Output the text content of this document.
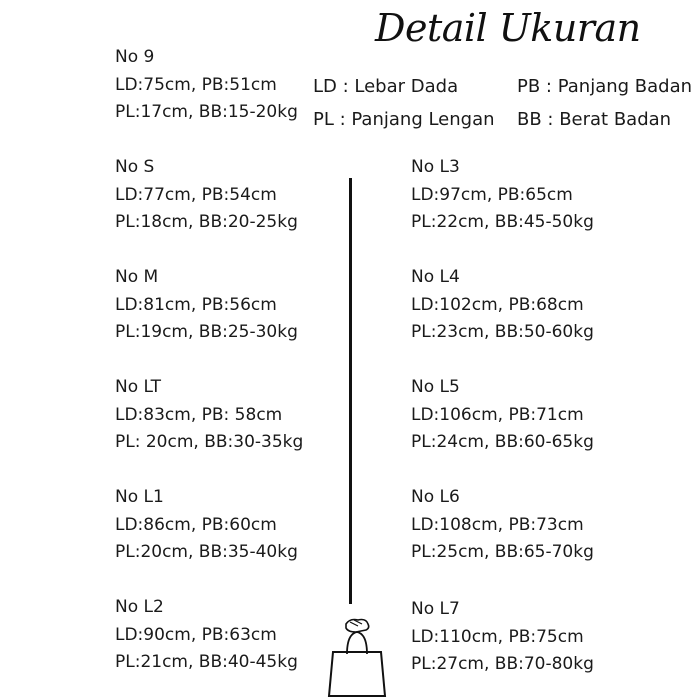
Detail Ukuran
LD : Lebar Dada	PB : Panjang Badan
PL : Panjang Lengan BB : Berat Badan
No 9
LD:75cm, PB:51cm
PL:17cm, BB:15-20kg
No S
LD:77cm, PB:54cm
PL:18cm, BB:20-25kg
No M
LD:81cm, PB:56cm
PL:19cm, BB:25-30kg
No LT
LD:83cm, PB: 58cm
PL: 20cm, BB:30-35kg
No L1
LD:86cm, PB:60cm
PL:20cm, BB:35-40kg
No L2
LD:90cm, PB:63cm
PL:21cm, BB:40-45kg
No L3
LD:97cm, PB:65cm
PL:22cm, BB:45-50kg
No L4
LD:102cm, PB:68cm
PL:23cm, BB:50-60kg
No L5
LD:106cm, PB:71cm
PL:24cm, BB:60-65kg
No L6
LD:108cm, PB:73cm
PL:25cm, BB:65-70kg
No L7
LD:110cm, PB:75cm
PL:27cm, BB:70-80kg
